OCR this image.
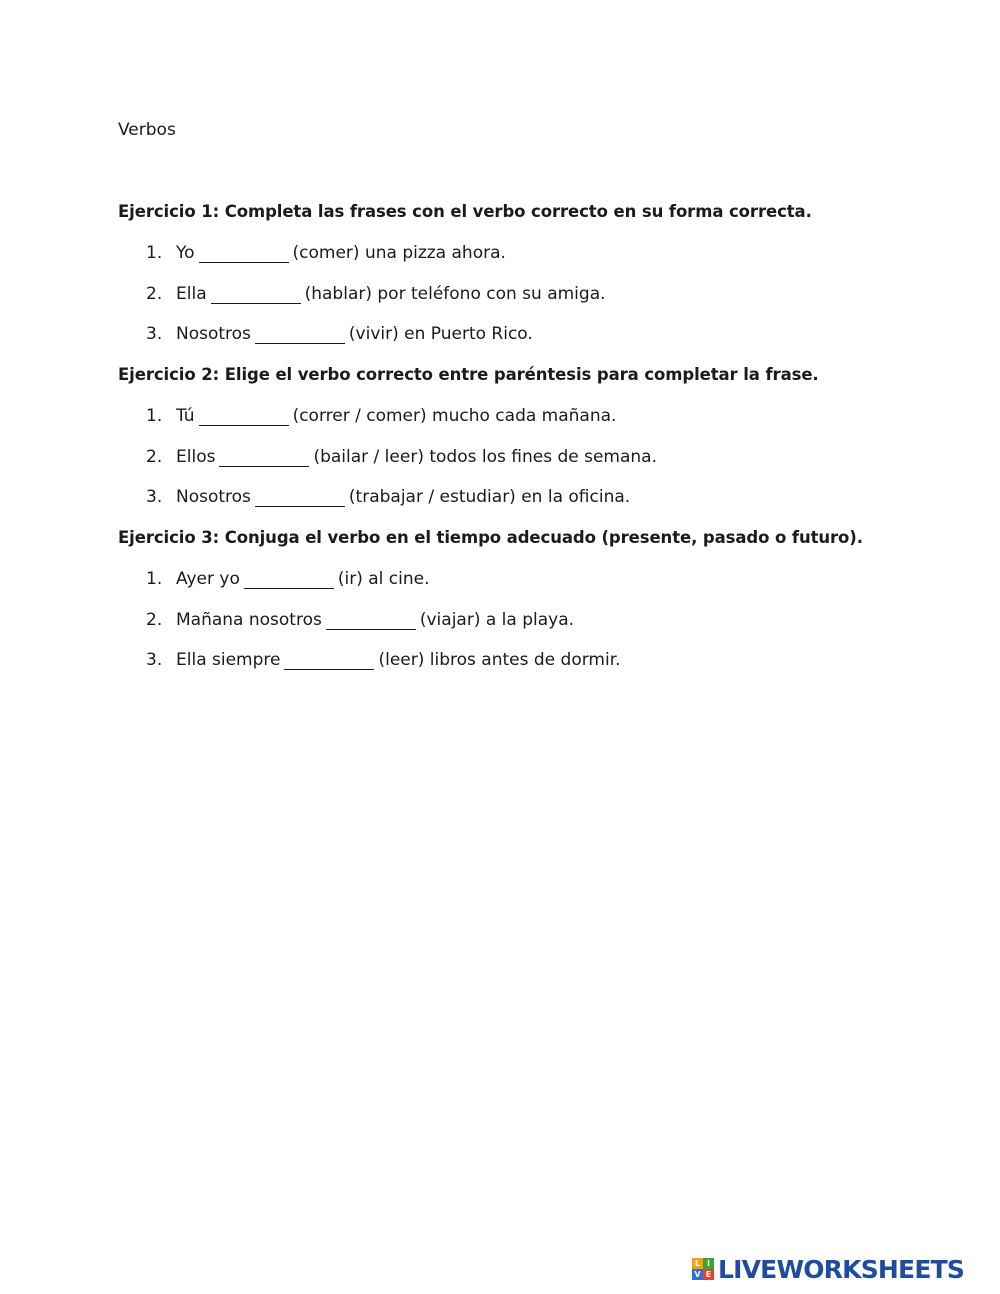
Verbos
Ejercicio 1: Completa las frases con el verbo correcto en su forma correcta.
1. Yo	(comer) una pizza ahora.
2. Ella	(hablar) por teléfono con su amiga.
3. Nosotros	(vivir) en Puerto Rico.
Ejercicio 2: Elige el verbo correcto entre paréntesis para completar la frase.
1. Tú	(correr / comer) mucho cada mañana.
2. Ellos	(bailar / leer) todos los fines de semana.
3. Nosotros	(trabajar / estudiar) en la oficina.
Ejercicio 3: Conjuga el verbo en el tiempo adecuado (presente, pasado o futuro).
1. Ayer yo	(ir) al cine.
2. Mañana nosotros	(viajar) a la playa.
3. Ella siempre	(leer) libros antes de dormir.
L I
V E LIVEWORKSHEETS
